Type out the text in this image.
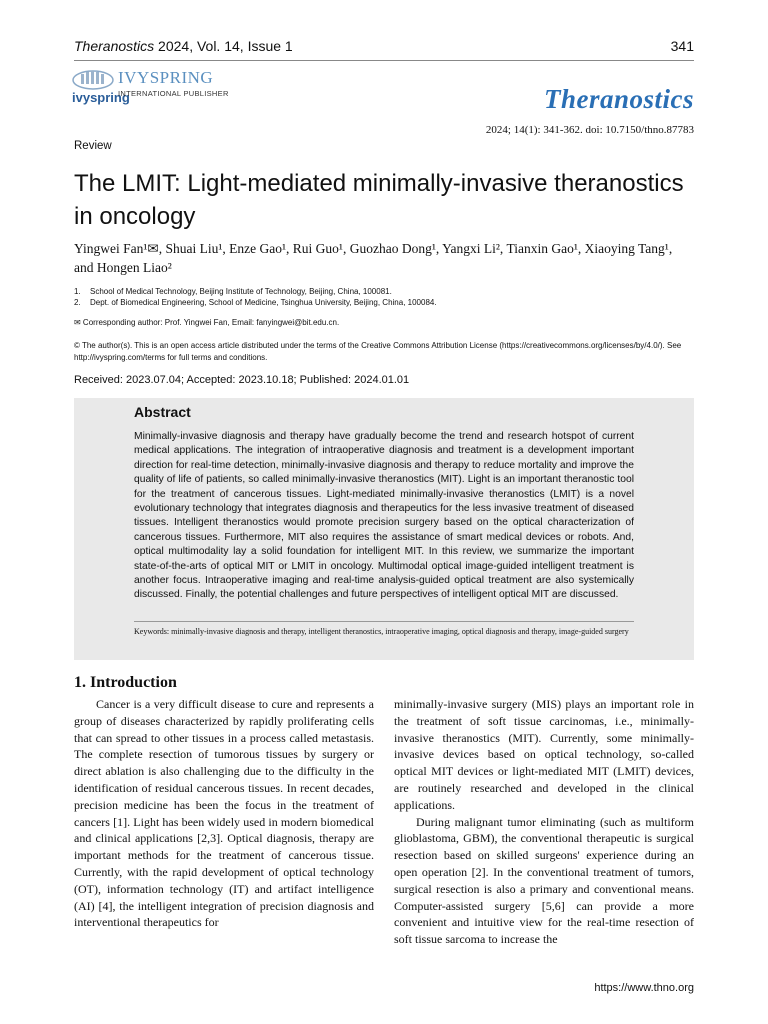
Theranostics 2024, Vol. 14, Issue 1	341
ivyspring
IVYSPRING
INTERNATIONAL PUBLISHER	Theranostics
2024; 14(1): 341-362. doi: 10.7150/thno.87783
Review
The LMIT: Light-mediated minimally-invasive theranostics in oncology
Yingwei Fan¹✉, Shuai Liu¹, Enze Gao¹, Rui Guo¹, Guozhao Dong¹, Yangxi Li², Tianxin Gao¹, Xiaoying Tang¹, and Hongen Liao²
1. School of Medical Technology, Beijing Institute of Technology, Beijing, China, 100081.
2. Dept. of Biomedical Engineering, School of Medicine, Tsinghua University, Beijing, China, 100084.
✉ Corresponding author: Prof. Yingwei Fan, Email: fanyingwei@bit.edu.cn.
© The author(s). This is an open access article distributed under the terms of the Creative Commons Attribution License (https://creativecommons.org/licenses/by/4.0/). See http://ivyspring.com/terms for full terms and conditions.
Received: 2023.07.04; Accepted: 2023.10.18; Published: 2024.01.01
Abstract
Minimally-invasive diagnosis and therapy have gradually become the trend and research hotspot of current medical applications. The integration of intraoperative diagnosis and treatment is a development important direction for real-time detection, minimally-invasive diagnosis and therapy to reduce mortality and improve the quality of life of patients, so called minimally-invasive theranostics (MIT). Light is an important theranostic tool for the treatment of cancerous tissues. Light-mediated minimally-invasive theranostics (LMIT) is a novel evolutionary technology that integrates diagnosis and therapeutics for the less invasive treatment of diseased tissues. Intelligent theranostics would promote precision surgery based on the optical characterization of cancerous tissues. Furthermore, MIT also requires the assistance of smart medical devices or robots. And, optical multimodality lay a solid foundation for intelligent MIT. In this review, we summarize the important state-of-the-arts of optical MIT or LMIT in oncology. Multimodal optical image-guided intelligent treatment is another focus. Intraoperative imaging and real-time analysis-guided optical treatment are also systemically discussed. Finally, the potential challenges and future perspectives of intelligent optical MIT are discussed.
Keywords: minimally-invasive diagnosis and therapy, intelligent theranostics, intraoperative imaging, optical diagnosis and therapy, image-guided surgery
1. Introduction

Cancer is a very difficult disease to cure and represents a group of diseases characterized by rapidly proliferating cells that can spread to other tissues in a process called metastasis. The complete resection of tumorous tissues by surgery or direct ablation is also challenging due to the difficulty in the identification of residual cancerous tissues. In recent decades, precision medicine has been the focus in the treatment of cancers [1]. Light has been widely used in modern biomedical and clinical applications [2,3]. Optical diagnosis, therapy are important methods for the treatment of cancerous tissue. Currently, with the rapid development of optical technology (OT), information technology (IT) and artifact intelligence (AI) [4], the intelligent integration of precision diagnosis and interventional therapeutics for

minimally-invasive surgery (MIS) plays an important role in the treatment of soft tissue carcinomas, i.e., minimally-invasive theranostics (MIT). Currently, some minimally-invasive devices based on optical technology, so-called optical MIT devices or light-mediated MIT (LMIT) devices, are routinely researched and developed in the clinical applications.

During malignant tumor eliminating (such as multiform glioblastoma, GBM), the conventional therapeutic is surgical resection based on skilled surgeons' experience during an open operation [2]. In the conventional treatment of tumors, surgical resection is also a primary and conventional means. Computer-assisted surgery [5,6] can provide a more convenient and intuitive view for the real-time resection of soft tissue sarcoma to increase the

https://www.thno.org
